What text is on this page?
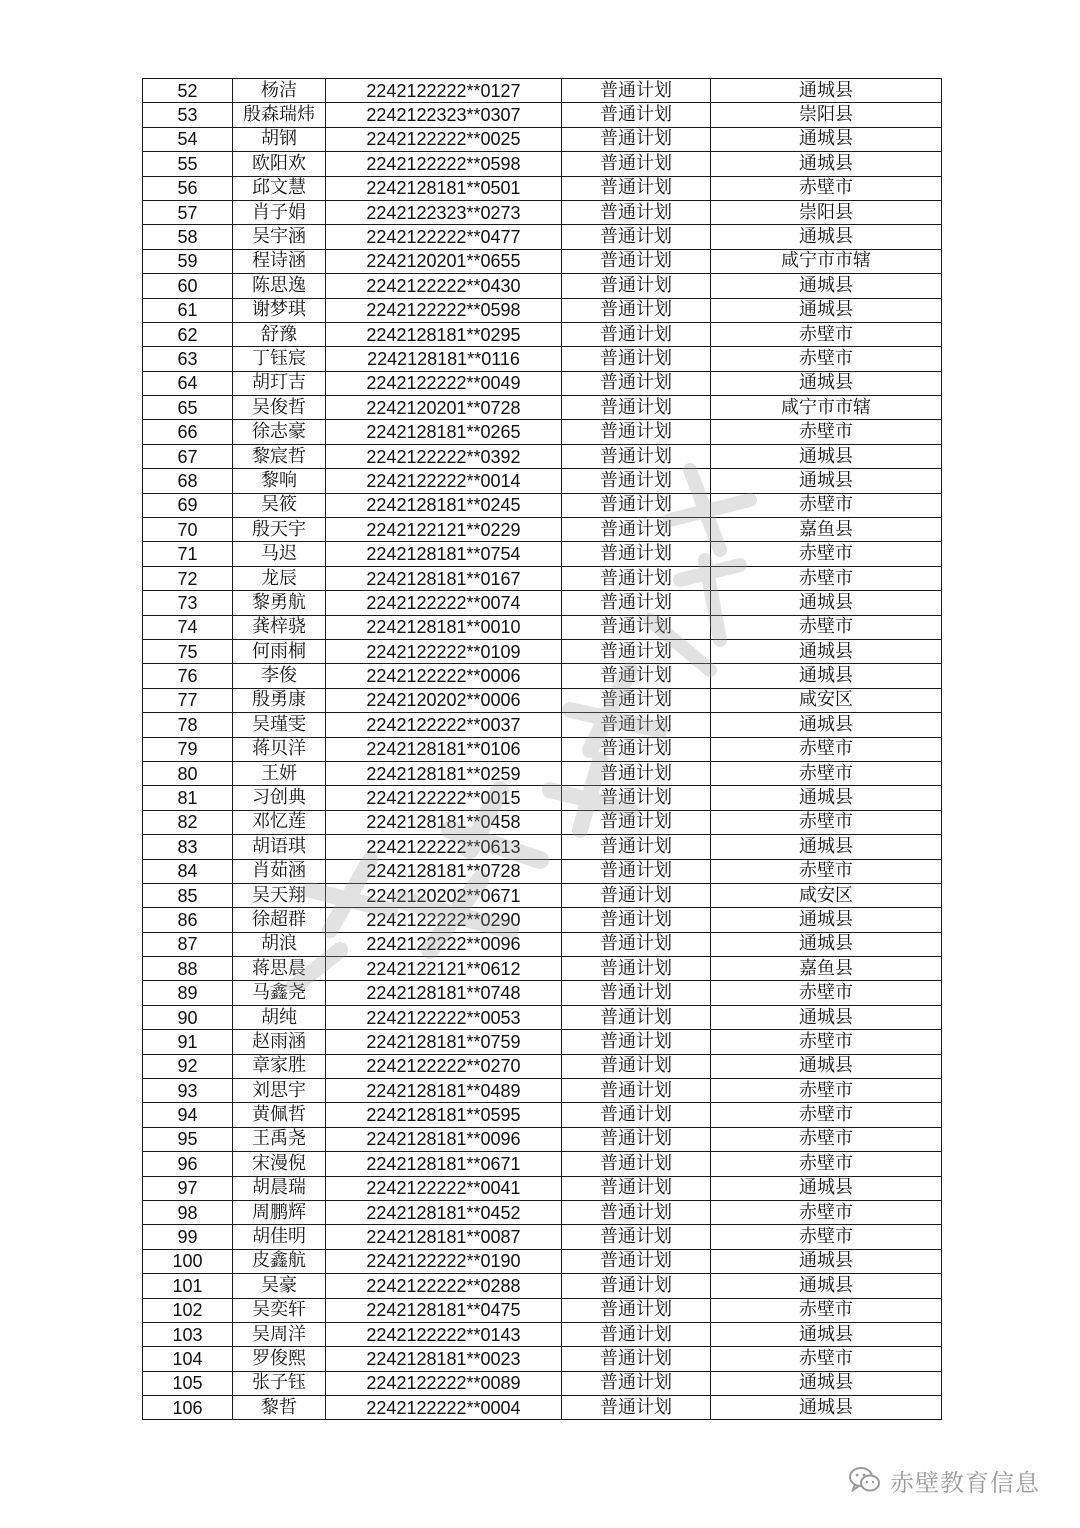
52	杨洁	2242122222**0127	普通计划	通城县
53	殷森瑞炜	2242122323**0307	普通计划	崇阳县
54	胡钢	2242122222**0025	普通计划	通城县
55	欧阳欢	2242122222**0598	普通计划	通城县
56	邱文慧	2242128181**0501	普通计划	赤壁市
57	肖子娟	2242122323**0273	普通计划	崇阳县
58	吴宇涵	2242122222**0477	普通计划	通城县
59	程诗涵	2242120201**0655	普通计划	咸宁市市辖
60	陈思逸	2242122222**0430	普通计划	通城县
61	谢梦琪	2242122222**0598	普通计划	通城县
62	舒豫	2242128181**0295	普通计划	赤壁市
63	丁钰宸	2242128181**0116	普通计划	赤壁市
64	胡玎吉	2242122222**0049	普通计划	通城县
65	吴俊哲	2242120201**0728	普通计划	咸宁市市辖
66	徐志豪	2242128181**0265	普通计划	赤壁市
67	黎宸哲	2242122222**0392	普通计划	通城县
68	黎响	2242122222**0014	普通计划	通城县
69	吴筱	2242128181**0245	普通计划	赤壁市
70	殷天宇	2242122121**0229	普通计划	嘉鱼县
71	马迟	2242128181**0754	普通计划	赤壁市
72	龙辰	2242128181**0167	普通计划	赤壁市
73	黎勇航	2242122222**0074	普通计划	通城县
74	龚梓骁	2242128181**0010	普通计划	赤壁市
75	何雨桐	2242122222**0109	普通计划	通城县
76	李俊	2242122222**0006	普通计划	通城县
77	殷勇康	2242120202**0006	普通计划	咸安区
78	吴瑾雯	2242122222**0037	普通计划	通城县
79	蒋贝洋	2242128181**0106	普通计划	赤壁市
80	王妍	2242128181**0259	普通计划	赤壁市
81	习创典	2242122222**0015	普通计划	通城县
82	邓忆莲	2242128181**0458	普通计划	赤壁市
83	胡语琪	2242122222**0613	普通计划	通城县
84	肖茹涵	2242128181**0728	普通计划	赤壁市
85	吴天翔	2242120202**0671	普通计划	咸安区
86	徐超群	2242122222**0290	普通计划	通城县
87	胡浪	2242122222**0096	普通计划	通城县
88	蒋思晨	2242122121**0612	普通计划	嘉鱼县
89	马鑫尧	2242128181**0748	普通计划	赤壁市
90	胡纯	2242122222**0053	普通计划	通城县
91	赵雨涵	2242128181**0759	普通计划	赤壁市
92	章家胜	2242122222**0270	普通计划	通城县
93	刘思宇	2242128181**0489	普通计划	赤壁市
94	黄佩哲	2242128181**0595	普通计划	赤壁市
95	王禹尧	2242128181**0096	普通计划	赤壁市
96	宋漫倪	2242128181**0671	普通计划	赤壁市
97	胡晨瑞	2242122222**0041	普通计划	通城县
98	周鹏辉	2242128181**0452	普通计划	赤壁市
99	胡佳明	2242128181**0087	普通计划	赤壁市
100	皮鑫航	2242122222**0190	普通计划	通城县
101	吴豪	2242122222**0288	普通计划	通城县
102	吴奕轩	2242128181**0475	普通计划	赤壁市
103	吴周洋	2242122222**0143	普通计划	通城县
104	罗俊熙	2242128181**0023	普通计划	赤壁市
105	张子钰	2242122222**0089	普通计划	通城县
106	黎哲	2242122222**0004	普通计划	通城县
赤壁教育信息
